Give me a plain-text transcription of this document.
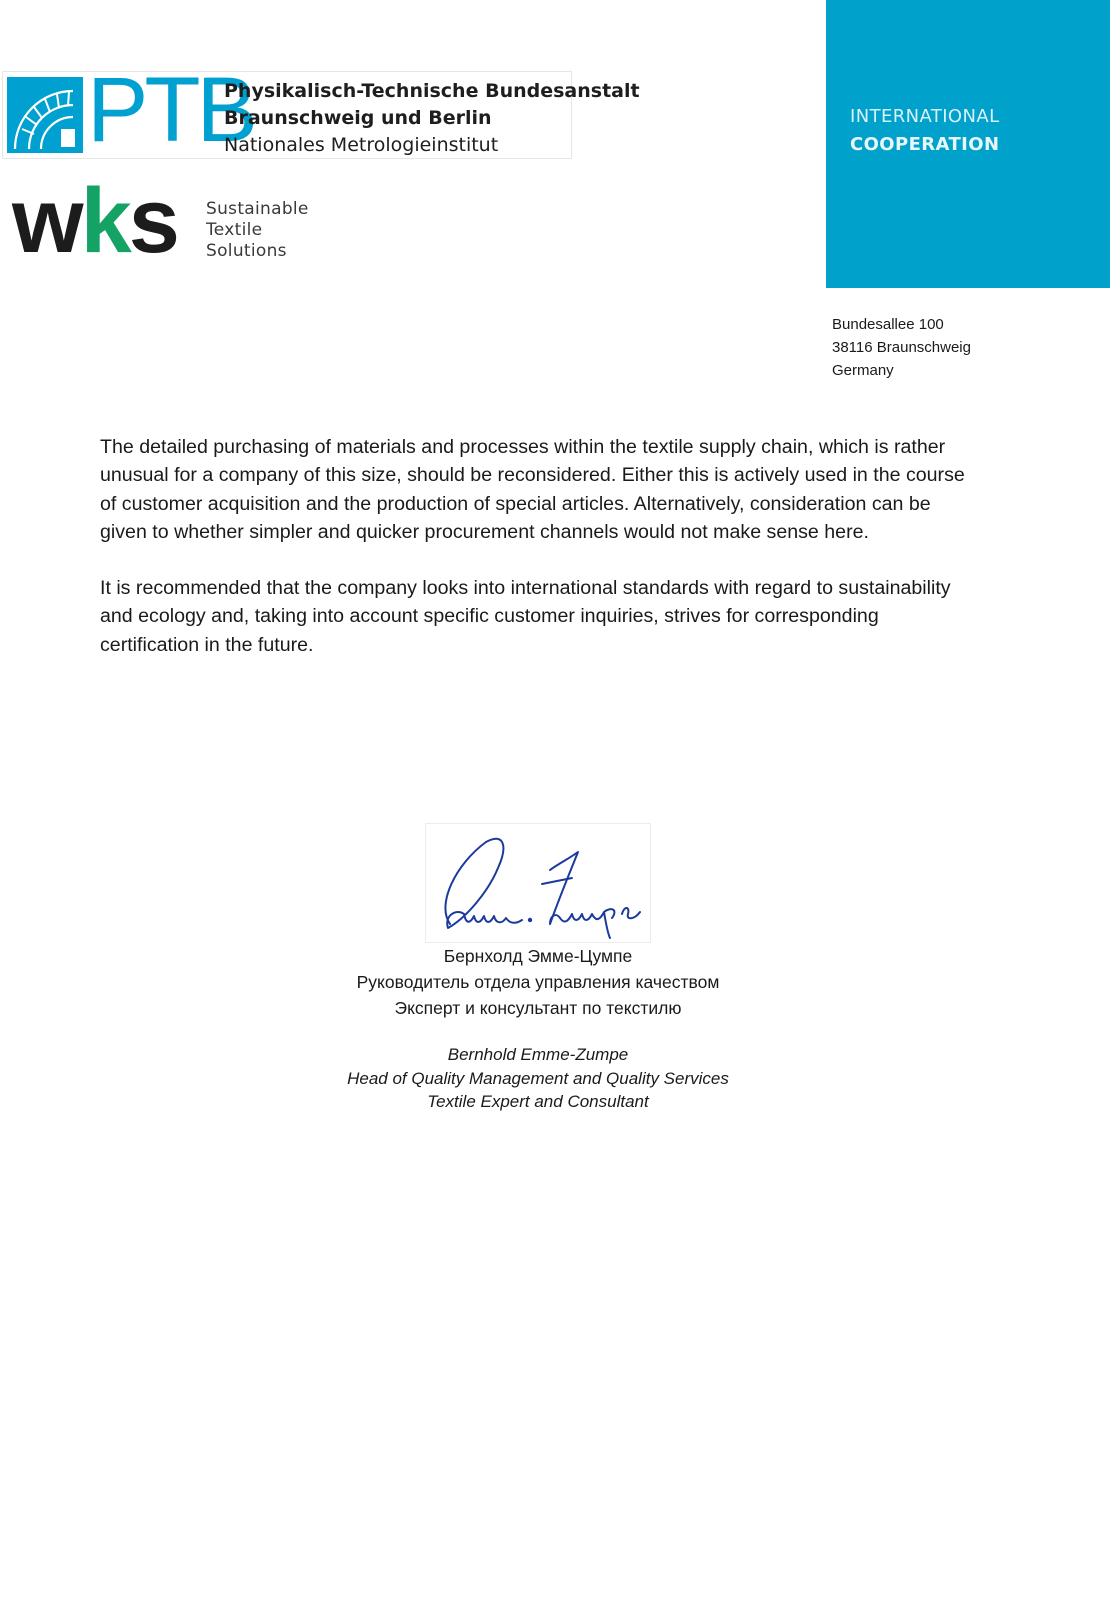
PTB
Physikalisch-Technische Bundesanstalt
Braunschweig und Berlin
Nationales Metrologieinstitut
wks Sustainable
Textile
Solutions
INTERNATIONAL
COOPERATION
Bundesallee 100
38116 Braunschweig
Germany

The detailed purchasing of materials and processes within the textile supply chain, which is rather unusual for a company of this size, should be reconsidered. Either this is actively used in the course of customer acquisition and the production of special articles. Alternatively, consideration can be given to whether simpler and quicker procurement channels would not make sense here.

It is recommended that the company looks into international standards with regard to sustainability and ecology and, taking into account specific customer inquiries, strives for corresponding certification in the future.

Бернхолд Эмме-Цумпе
Руководитель отдела управления качеством
Эксперт и консультант по текстилю
Bernhold Emme-Zumpe
Head of Quality Management and Quality Services
Textile Expert and Consultant
